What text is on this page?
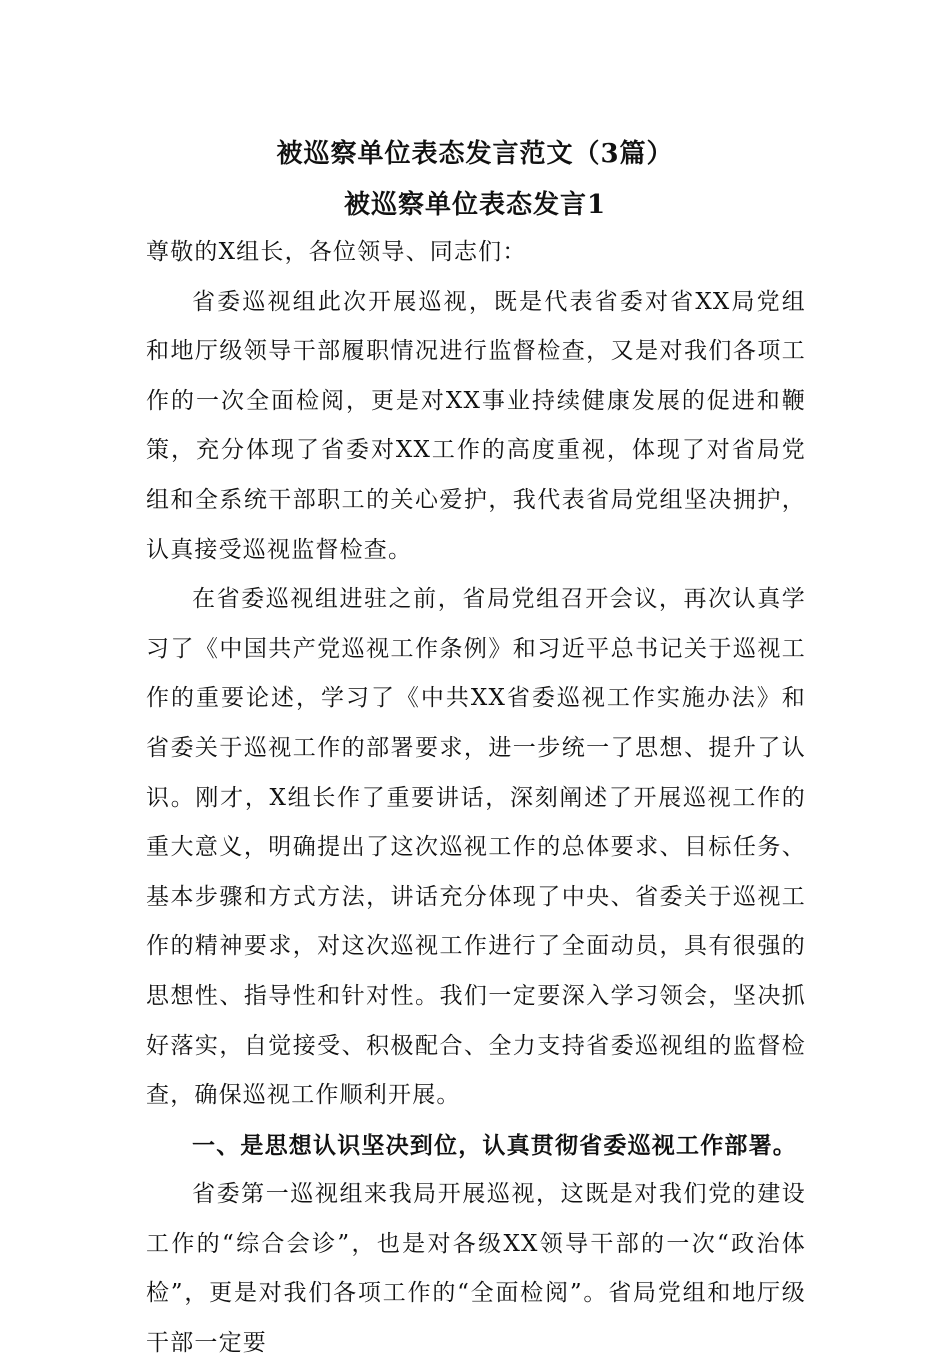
被巡察单位表态发言范文（3篇）
被巡察单位表态发言1

尊敬的X组长，各位领导、同志们：

省委巡视组此次开展巡视，既是代表省委对省XX局党组和地厅级领导干部履职情况进行监督检查，又是对我们各项工作的一次全面检阅，更是对XX事业持续健康发展的促进和鞭策，充分体现了省委对XX工作的高度重视，体现了对省局党组和全系统干部职工的关心爱护，我代表省局党组坚决拥护，认真接受巡视监督检查。

在省委巡视组进驻之前，省局党组召开会议，再次认真学习了《中国共产党巡视工作条例》和习近平总书记关于巡视工作的重要论述，学习了《中共XX省委巡视工作实施办法》和省委关于巡视工作的部署要求，进一步统一了思想、提升了认识。刚才，X组长作了重要讲话，深刻阐述了开展巡视工作的重大意义，明确提出了这次巡视工作的总体要求、目标任务、基本步骤和方式方法，讲话充分体现了中央、省委关于巡视工作的精神要求，对这次巡视工作进行了全面动员，具有很强的思想性、指导性和针对性。我们一定要深入学习领会，坚决抓好落实，自觉接受、积极配合、全力支持省委巡视组的监督检查，确保巡视工作顺利开展。

一、是思想认识坚决到位，认真贯彻省委巡视工作部署。

省委第一巡视组来我局开展巡视，这既是对我们党的建设工作的“综合会诊”，也是对各级XX领导干部的一次“政治体检”，更是对我们各项工作的“全面检阅”。省局党组和地厅级干部一定要
